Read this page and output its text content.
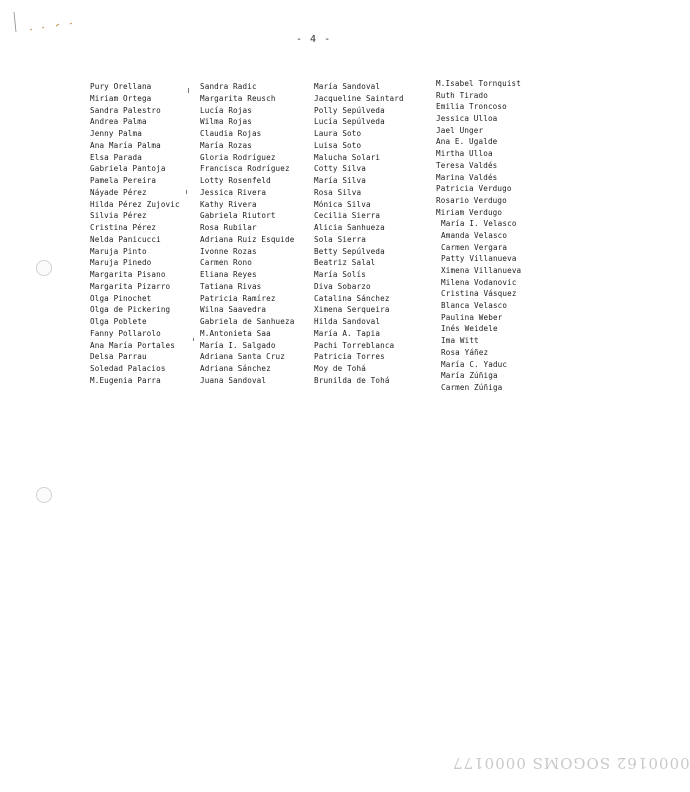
- 4 -
Pury Orellana
Miriam Ortega
Sandra Palestro
Andrea Palma
Jenny Palma
Ana María Palma
Elsa Parada
Gabriela Pantoja
Pamela Pereira
Náyade Pérez
Hilda Pérez Zujovic
Silvia Pérez
Cristina Pérez
Nelda Panicucci
Maruja Pinto
Maruja Pinedo
Margarita Pisano
Margarita Pizarro
Olga Pinochet
Olga de Pickering
Olga Poblete
Fanny Pollarolo
Ana María Portales
Delsa Parrau
Soledad Palacios
M.Eugenia Parra
Sandra Radic
Margarita Reusch
Lucía Rojas
Wilma Rojas
Claudia Rojas
María Rozas
Gloria Rodríguez
Francisca Rodríguez
Lotty Rosenfeld
Jessica Rivera
Kathy Rivera
Gabriela Riutort
Rosa Rubilar
Adriana Ruiz Esquide
Ivonne Rozas
Carmen Rono
Eliana Reyes
Tatiana Rivas
Patricia Ramírez
Wilna Saavedra
Gabriela de Sanhueza
M.Antonieta Saa
María I. Salgado
Adriana Santa Cruz
Adriana Sánchez
Juana Sandoval
María Sandoval
Jacqueline Saintard
Polly Sepúlveda
Lucía Sepúlveda
Laura Soto
Luisa Soto
Malucha Solari
Cotty Silva
María Silva
Rosa Silva
Mónica Silva
Cecilia Sierra
Alicia Sanhueza
Sola Sierra
Betty Sepúlveda
Beatriz Salal
María Solís
Diva Sobarzo
Catalina Sánchez
Ximena Serqueira
Hilda Sandoval
María A. Tapia
Pachi Torreblanca
Patricia Torres
Moy de Tohá
Brunilda de Tohá
M.Isabel Tornquist
Ruth Tirado
Emilia Troncoso
Jessica Ulloa
Jael Unger
Ana E. Ugalde
Mirtha Ulloa
Teresa Valdés
Marina Valdés
Patricia Verdugo
Rosario Verdugo
Miriam Verdugo
María I. Velasco
Amanda Velasco
Carmen Vergara
Patty Villanueva
Ximena Villanueva
Milena Vodanovic
Cristina Vásquez
Blanca Velasco
Paulina Weber
Inés Weidele
Ima Witt
Rosa Yáñez
María C. Yaduc
María Zúñiga
Carmen Zúñiga
0000162 SOGOMS 0000177
